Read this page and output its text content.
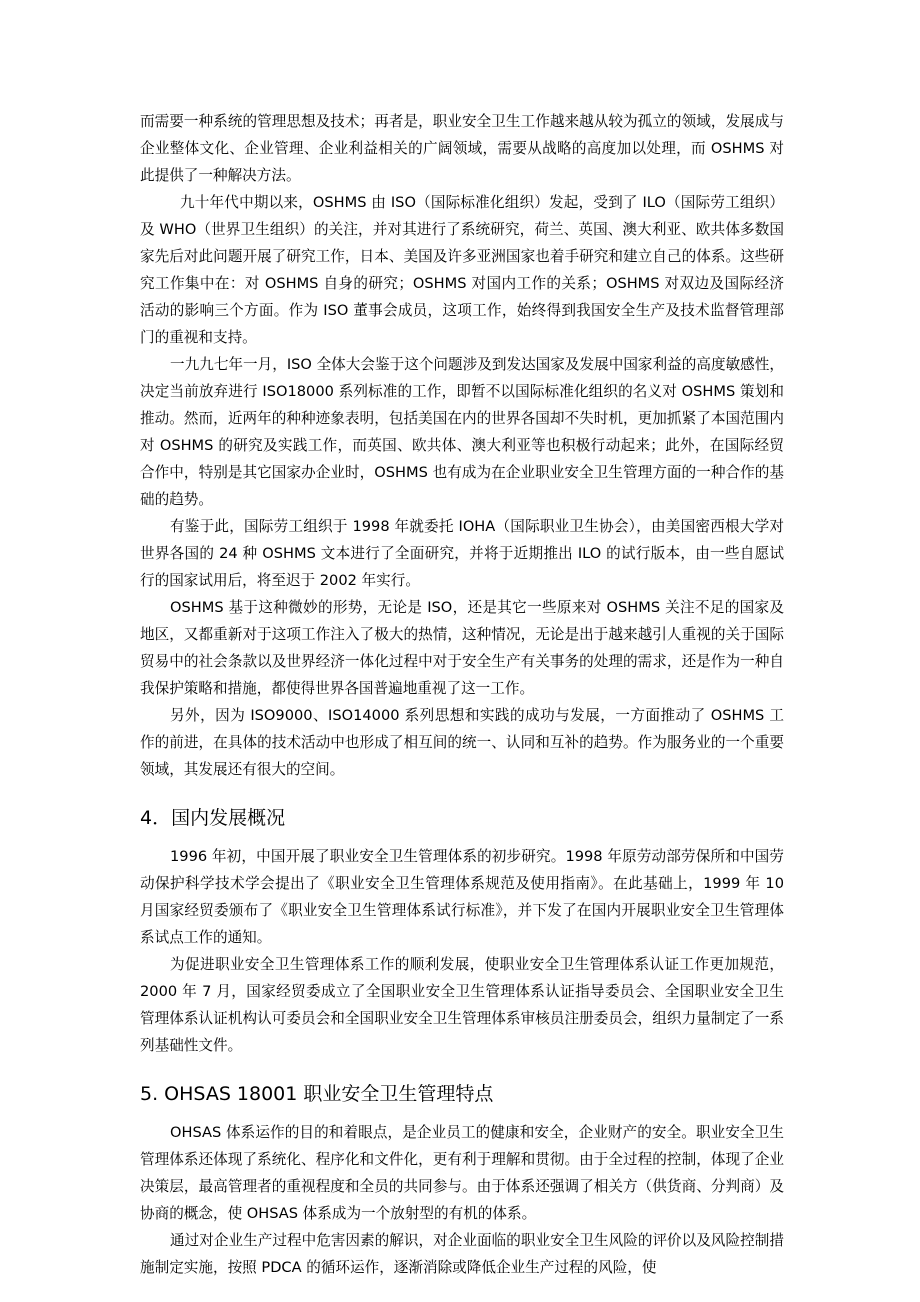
而需要一种系统的管理思想及技术；再者是，职业安全卫生工作越来越从较为孤立的领域，发展成与企业整体文化、企业管理、企业利益相关的广阔领域，需要从战略的高度加以处理，而 OSHMS 对此提供了一种解决方法。

九十年代中期以来，OSHMS 由 ISO（国际标准化组织）发起，受到了 ILO（国际劳工组织）及 WHO（世界卫生组织）的关注，并对其进行了系统研究，荷兰、英国、澳大利亚、欧共体多数国家先后对此问题开展了研究工作，日本、美国及许多亚洲国家也着手研究和建立自己的体系。这些研究工作集中在：对 OSHMS 自身的研究；OSHMS 对国内工作的关系；OSHMS 对双边及国际经济活动的影响三个方面。作为 ISO 董事会成员，这项工作，始终得到我国安全生产及技术监督管理部门的重视和支持。

一九九七年一月，ISO 全体大会鉴于这个问题涉及到发达国家及发展中国家利益的高度敏感性，决定当前放弃进行 ISO18000 系列标准的工作，即暂不以国际标准化组织的名义对 OSHMS 策划和推动。然而，近两年的种种迹象表明，包括美国在内的世界各国却不失时机，更加抓紧了本国范围内对 OSHMS 的研究及实践工作，而英国、欧共体、澳大利亚等也积极行动起来；此外，在国际经贸合作中，特别是其它国家办企业时，OSHMS 也有成为在企业职业安全卫生管理方面的一种合作的基础的趋势。

有鉴于此，国际劳工组织于 1998 年就委托 IOHA（国际职业卫生协会），由美国密西根大学对世界各国的 24 种 OSHMS 文本进行了全面研究，并将于近期推出 ILO 的试行版本，由一些自愿试行的国家试用后，将至迟于 2002 年实行。

OSHMS 基于这种微妙的形势，无论是 ISO，还是其它一些原来对 OSHMS 关注不足的国家及地区，又都重新对于这项工作注入了极大的热情，这种情况，无论是出于越来越引人重视的关于国际贸易中的社会条款以及世界经济一体化过程中对于安全生产有关事务的处理的需求，还是作为一种自我保护策略和措施，都使得世界各国普遍地重视了这一工作。

另外，因为 ISO9000、ISO14000 系列思想和实践的成功与发展，一方面推动了 OSHMS 工作的前进，在具体的技术活动中也形成了相互间的统一、认同和互补的趋势。作为服务业的一个重要领域，其发展还有很大的空间。

4．国内发展概况

1996 年初，中国开展了职业安全卫生管理体系的初步研究。1998 年原劳动部劳保所和中国劳动保护科学技术学会提出了《职业安全卫生管理体系规范及使用指南》。在此基础上，1999 年 10 月国家经贸委颁布了《职业安全卫生管理体系试行标准》，并下发了在国内开展职业安全卫生管理体系试点工作的通知。

为促进职业安全卫生管理体系工作的顺利发展，使职业安全卫生管理体系认证工作更加规范，2000 年 7 月，国家经贸委成立了全国职业安全卫生管理体系认证指导委员会、全国职业安全卫生管理体系认证机构认可委员会和全国职业安全卫生管理体系审核员注册委员会，组织力量制定了一系列基础性文件。

5. OHSAS 18001 职业安全卫生管理特点

OHSAS 体系运作的目的和着眼点，是企业员工的健康和安全，企业财产的安全。职业安全卫生管理体系还体现了系统化、程序化和文件化，更有利于理解和贯彻。由于全过程的控制，体现了企业决策层，最高管理者的重视程度和全员的共同参与。由于体系还强调了相关方（供货商、分判商）及协商的概念，使 OHSAS 体系成为一个放射型的有机的体系。

通过对企业生产过程中危害因素的解识，对企业面临的职业安全卫生风险的评价以及风险控制措施制定实施，按照 PDCA 的循环运作，逐渐消除或降低企业生产过程的风险，使
